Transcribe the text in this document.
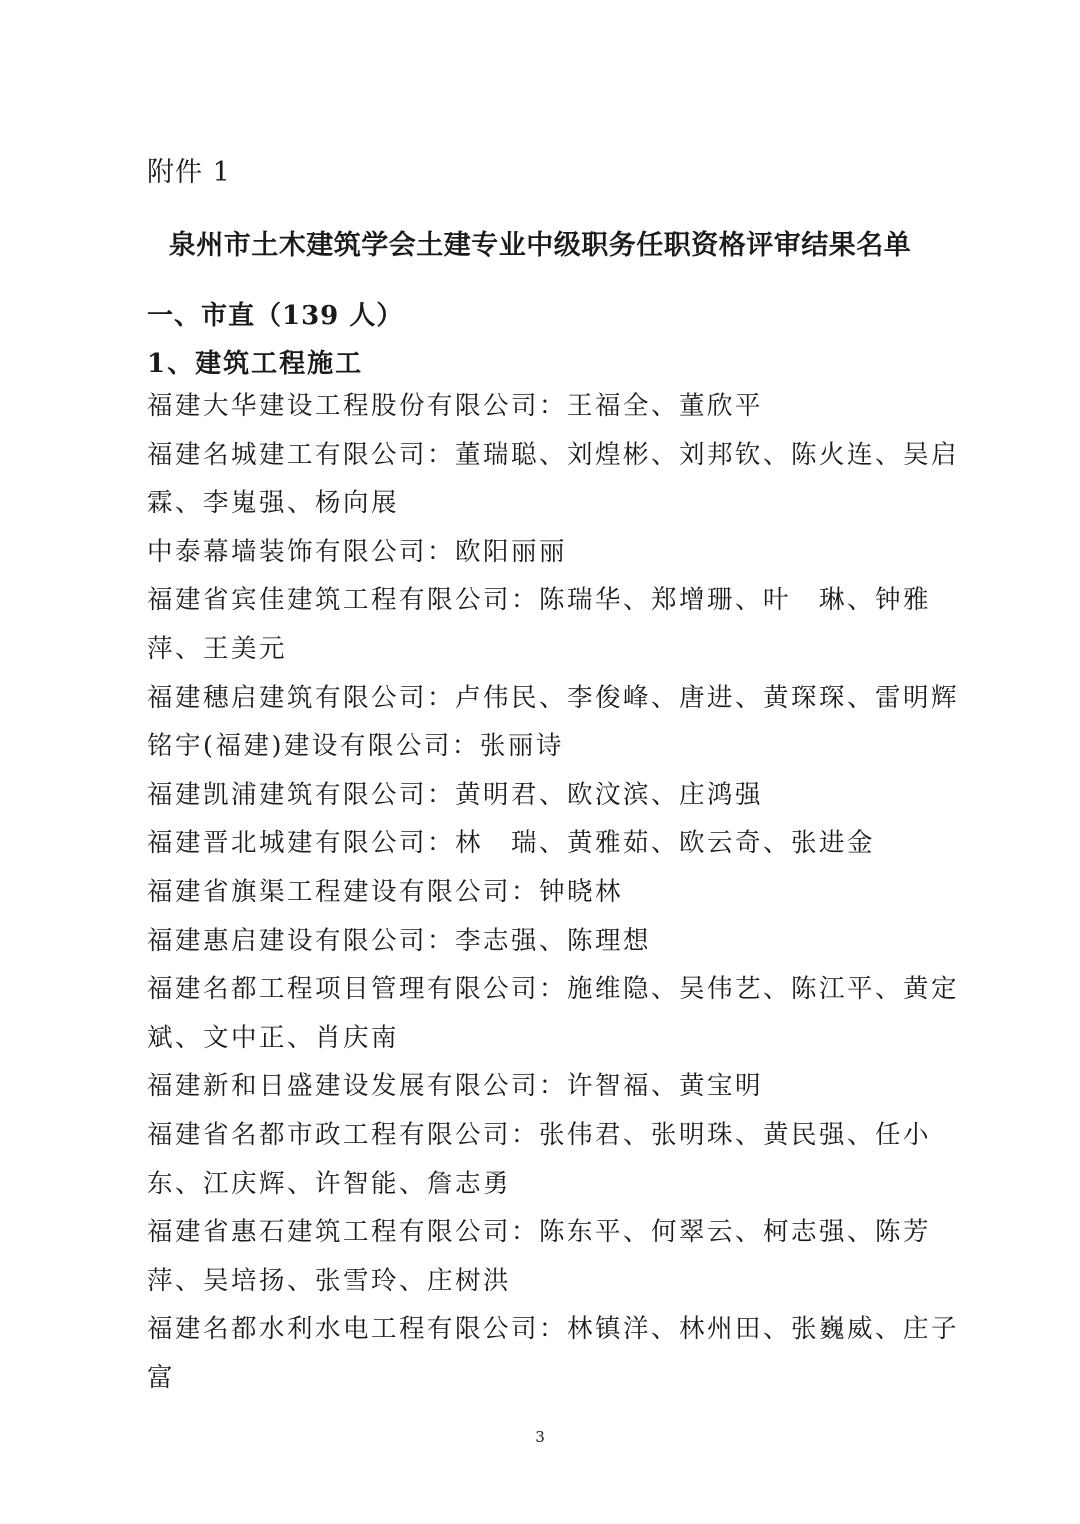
附件 1
泉州市土木建筑学会土建专业中级职务任职资格评审结果名单
一、市直（139 人）
1、建筑工程施工

福建大华建设工程股份有限公司：王福全、董欣平

福建名城建工有限公司：董瑞聪、刘煌彬、刘邦钦、陈火连、吴启霖、李嵬强、杨向展

中泰幕墙装饰有限公司：欧阳丽丽

福建省宾佳建筑工程有限公司：陈瑞华、郑增珊、叶　琳、钟雅萍、王美元

福建穗启建筑有限公司：卢伟民、李俊峰、唐进、黄琛琛、雷明辉

铭宇(福建)建设有限公司：张丽诗

福建凯浦建筑有限公司：黄明君、欧汶滨、庄鸿强

福建晋北城建有限公司：林　瑞、黄雅茹、欧云奇、张进金

福建省旗渠工程建设有限公司：钟晓林

福建惠启建设有限公司：李志强、陈理想

福建名都工程项目管理有限公司：施维隐、吴伟艺、陈江平、黄定斌、文中正、肖庆南

福建新和日盛建设发展有限公司：许智福、黄宝明

福建省名都市政工程有限公司：张伟君、张明珠、黄民强、任小东、江庆辉、许智能、詹志勇

福建省惠石建筑工程有限公司：陈东平、何翠云、柯志强、陈芳萍、吴培扬、张雪玲、庄树洪

福建名都水利水电工程有限公司：林镇洋、林州田、张巍威、庄子富

3
